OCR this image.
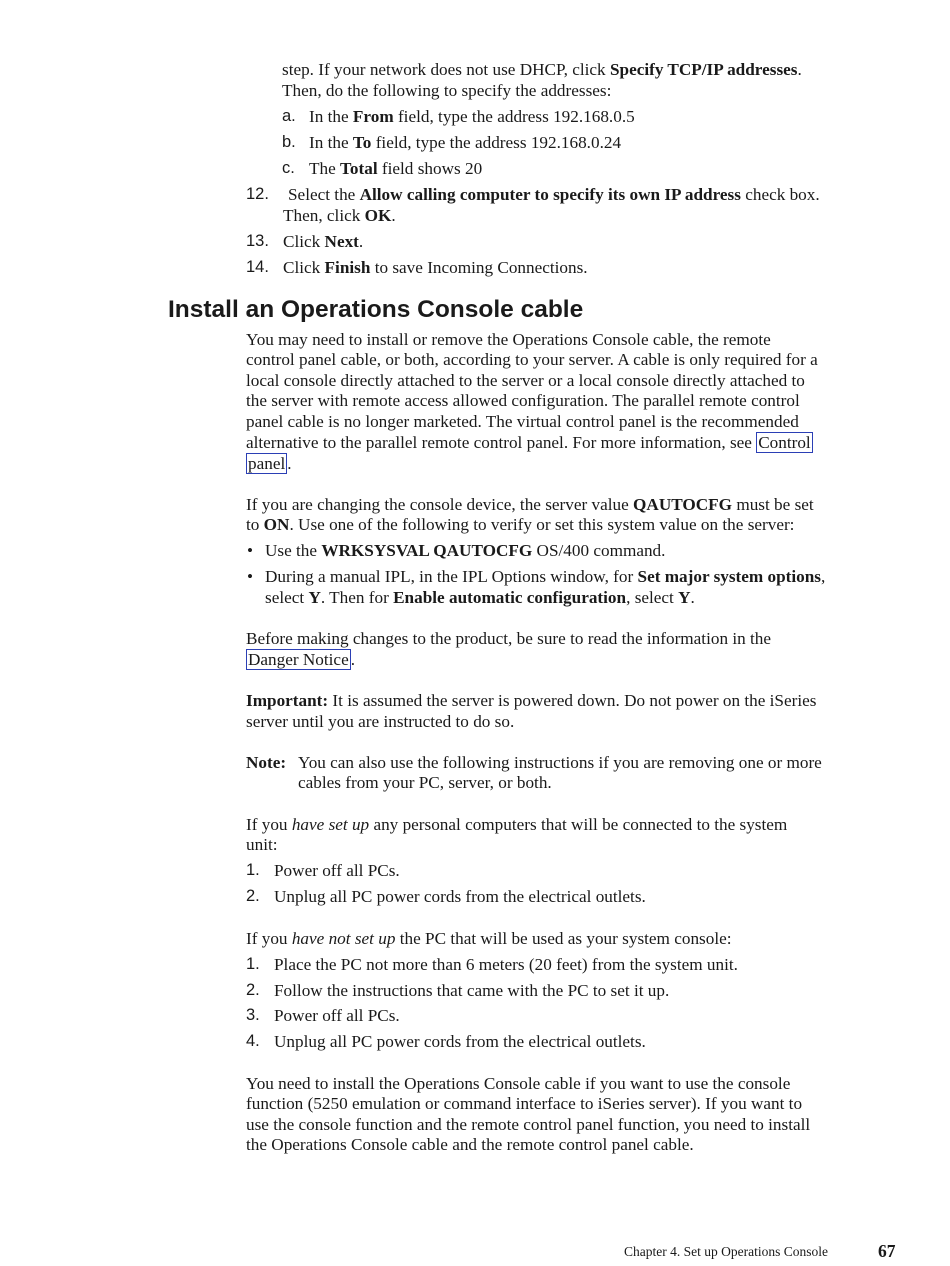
step. If your network does not use DHCP, click Specify TCP/IP addresses.
Then, do the following to specify the addresses:
a. In the From field, type the address 192.168.0.5
b. In the To field, type the address 192.168.0.24
c. The Total field shows 20
12. Select the Allow calling computer to specify its own IP address check box.
Then, click OK.
13. Click Next.
14. Click Finish to save Incoming Connections.
Install an Operations Console cable
You may need to install or remove the Operations Console cable, the remote
control panel cable, or both, according to your server. A cable is only required for a
local console directly attached to the server or a local console directly attached to
the server with remote access allowed configuration. The parallel remote control
panel cable is no longer marketed. The virtual control panel is the recommended
alternative to the parallel remote control panel. For more information, see Control
panel .
If you are changing the console device, the server value QAUTOCFG must be set
to ON. Use one of the following to verify or set this system value on the server:
• Use the WRKSYSVAL QAUTOCFG OS/400 command.
• During a manual IPL, in the IPL Options window, for Set major system options,
select Y. Then for Enable automatic configuration, select Y.
Before making changes to the product, be sure to read the information in the
Danger Notice .
Important: It is assumed the server is powered down. Do not power on the iSeries
server until you are instructed to do so.
Note: You can also use the following instructions if you are removing one or more
cables from your PC, server, or both.
If you have set up any personal computers that will be connected to the system
unit:
1. Power off all PCs.
2. Unplug all PC power cords from the electrical outlets.
If you have not set up the PC that will be used as your system console:
1. Place the PC not more than 6 meters (20 feet) from the system unit.
2. Follow the instructions that came with the PC to set it up.
3. Power off all PCs.
4. Unplug all PC power cords from the electrical outlets.
You need to install the Operations Console cable if you want to use the console
function (5250 emulation or command interface to iSeries server). If you want to
use the console function and the remote control panel function, you need to install
the Operations Console cable and the remote control panel cable.
Chapter 4. Set up Operations Console	67
